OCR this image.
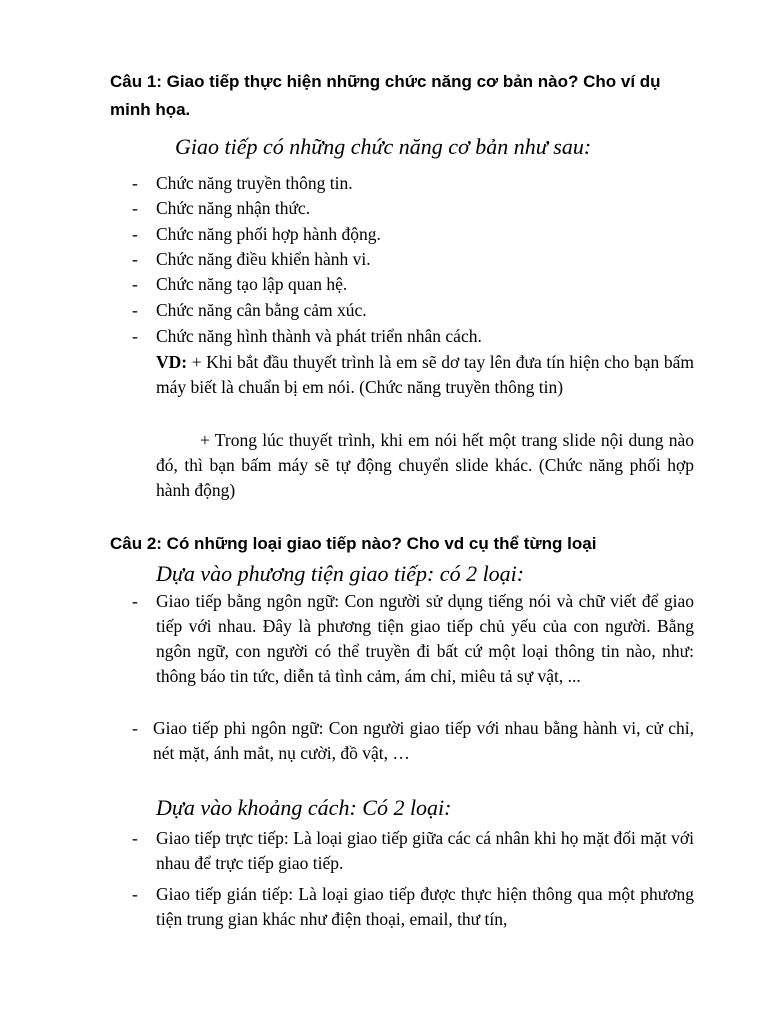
Câu 1: Giao tiếp thực hiện những chức năng cơ bản nào? Cho ví dụ minh họa.

Giao tiếp có những chức năng cơ bản như sau:

-	Chức năng truyền thông tin.
-	Chức năng nhận thức.
-	Chức năng phối hợp hành động.
-	Chức năng điều khiển hành vi.
-	Chức năng tạo lập quan hệ.
-	Chức năng cân bằng cảm xúc.
-	Chức năng hình thành và phát triển nhân cách.

VD: + Khi bắt đầu thuyết trình là em sẽ dơ tay lên đưa tín hiện cho bạn bấm máy biết là chuẩn bị em nói. (Chức năng truyền thông tin)

+ Trong lúc thuyết trình, khi em nói hết một trang slide nội dung nào đó, thì bạn bấm máy sẽ tự động chuyển slide khác. (Chức năng phối hợp hành động)

Câu 2: Có những loại giao tiếp nào? Cho vd cụ thể từng loại

Dựa vào phương tiện giao tiếp: có 2 loại:

-	Giao tiếp bằng ngôn ngữ: Con người sử dụng tiếng nói và chữ viết để giao tiếp với nhau. Đây là phương tiện giao tiếp chủ yếu của con người. Bằng ngôn ngữ, con người có thể truyền đi bất cứ một loại thông tin nào, như: thông báo tin tức, diễn tả tình cảm, ám chỉ, miêu tả sự vật, ...
- Giao tiếp phi ngôn ngữ: Con người giao tiếp với nhau bằng hành vi, cử chỉ, nét mặt, ánh mắt, nụ cười, đồ vật, …

Dựa vào khoảng cách: Có 2 loại:

-	Giao tiếp trực tiếp: Là loại giao tiếp giữa các cá nhân khi họ mặt đối mặt với nhau để trực tiếp giao tiếp.
-	Giao tiếp gián tiếp: Là loại giao tiếp được thực hiện thông qua một phương tiện trung gian khác như điện thoại, email, thư tín,
